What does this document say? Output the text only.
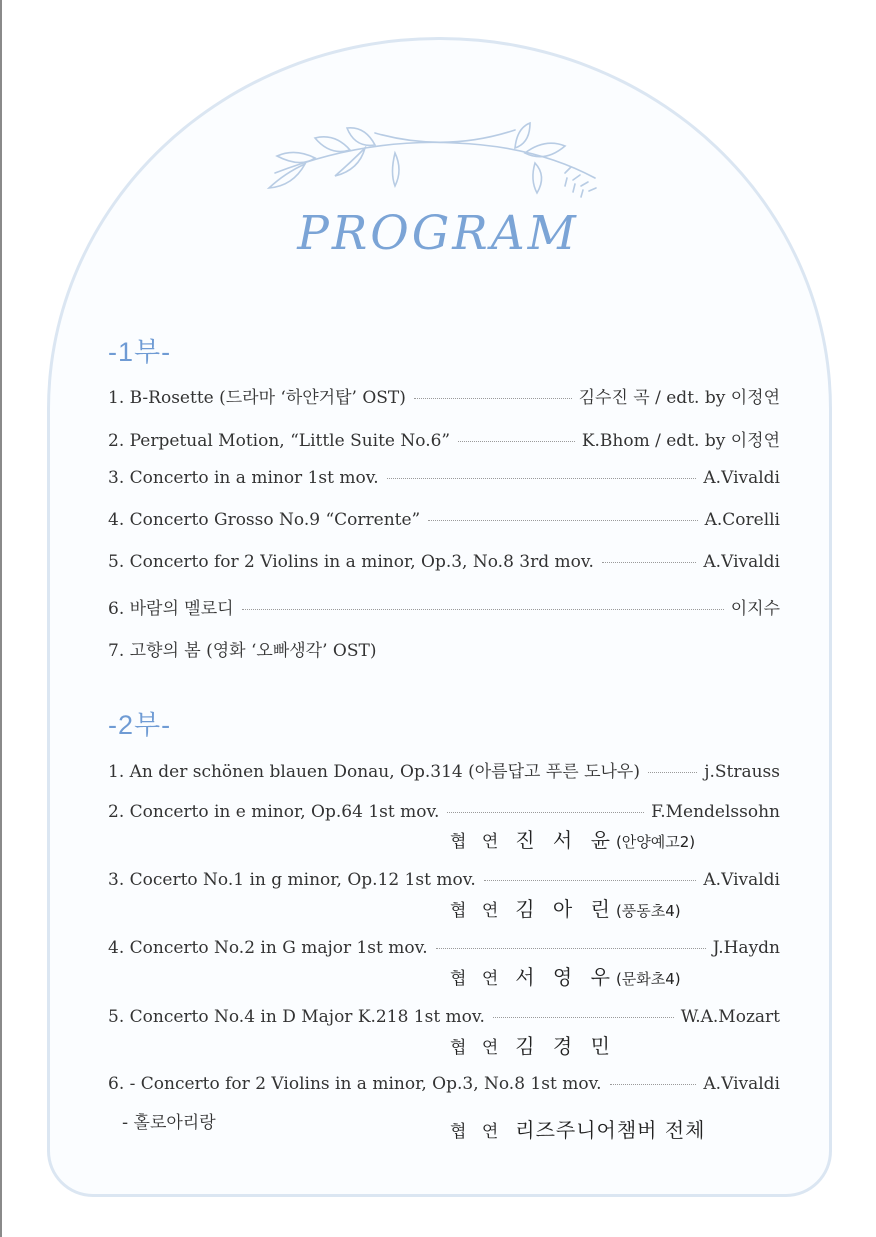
PROGRAM
-1부-
1. B-Rosette (드라마 ‘하얀거탑’ OST)	김수진 곡 / edt. by 이정연
2. Perpetual Motion, “Little Suite No.6”	K.Bhom / edt. by 이정연
3. Concerto in a minor 1st mov.	A.Vivaldi
4. Concerto Grosso No.9 “Corrente”	A.Corelli
5. Concerto for 2 Violins in a minor, Op.3, No.8 3rd mov.	A.Vivaldi
6. 바람의 멜로디	이지수
7. 고향의 봄 (영화 ‘오빠생각’ OST)
-2부-
1. An der schönen blauen Donau, Op.314 (아름답고 푸른 도나우)	j.Strauss
2. Concerto in e minor, Op.64 1st mov.	F.Mendelssohn
협 연 진 서 윤(안양예고2)
3. Cocerto No.1 in g minor, Op.12 1st mov.	A.Vivaldi
협 연 김 아 린(풍동초4)
4. Concerto No.2 in G major 1st mov.	J.Haydn
협 연 서 영 우(문화초4)
5. Concerto No.4 in D Major K.218 1st mov.	W.A.Mozart
협 연 김 경 민
6. - Concerto for 2 Violins in a minor, Op.3, No.8 1st mov.	A.Vivaldi
- 홀로아리랑	협 연 리즈주니어챔버 전체
